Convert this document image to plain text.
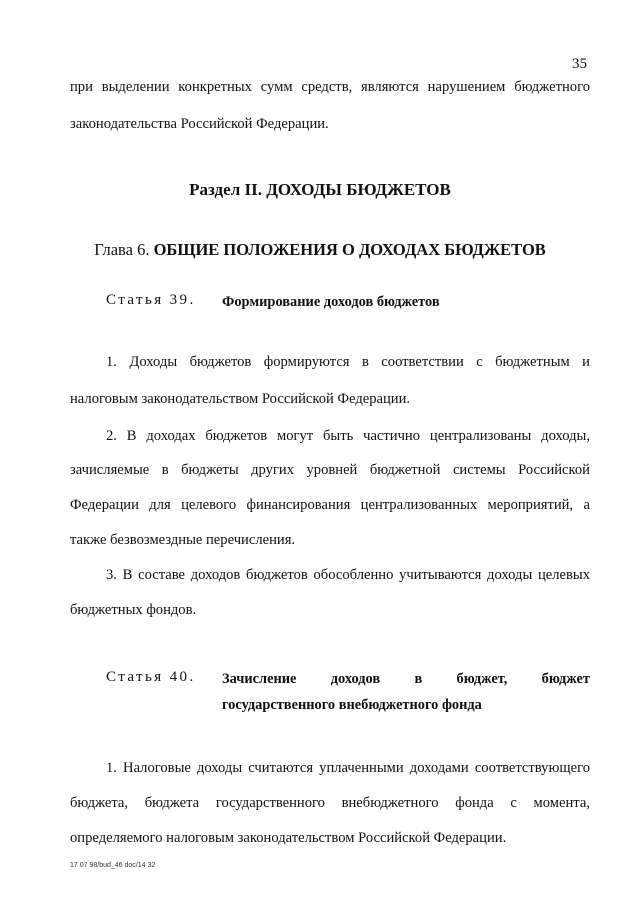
35
при выделении конкретных сумм средств, являются нарушением бюджетного
законодательства Российской Федерации.
Раздел II. ДОХОДЫ БЮДЖЕТОВ
Глава 6. ОБЩИЕ ПОЛОЖЕНИЯ О ДОХОДАХ БЮДЖЕТОВ
Статья 39. Формирование доходов бюджетов
1. Доходы бюджетов формируются в соответствии с бюджетным и
налоговым законодательством Российской Федерации.
2. В доходах бюджетов могут быть частично централизованы доходы,
зачисляемые в бюджеты других уровней бюджетной системы Российской
Федерации для целевого финансирования централизованных мероприятий, а
также безвозмездные перечисления.
3. В составе доходов бюджетов обособленно учитываются доходы целевых
бюджетных фондов.
Статья 40. Зачисление доходов в бюджет, бюджет
государственного внебюджетного фонда
1. Налоговые доходы считаются уплаченными доходами соответствующего
бюджета, бюджета государственного внебюджетного фонда с момента,
определяемого налоговым законодательством Российской Федерации.
17 07 98/bud_46 doc/14 32
